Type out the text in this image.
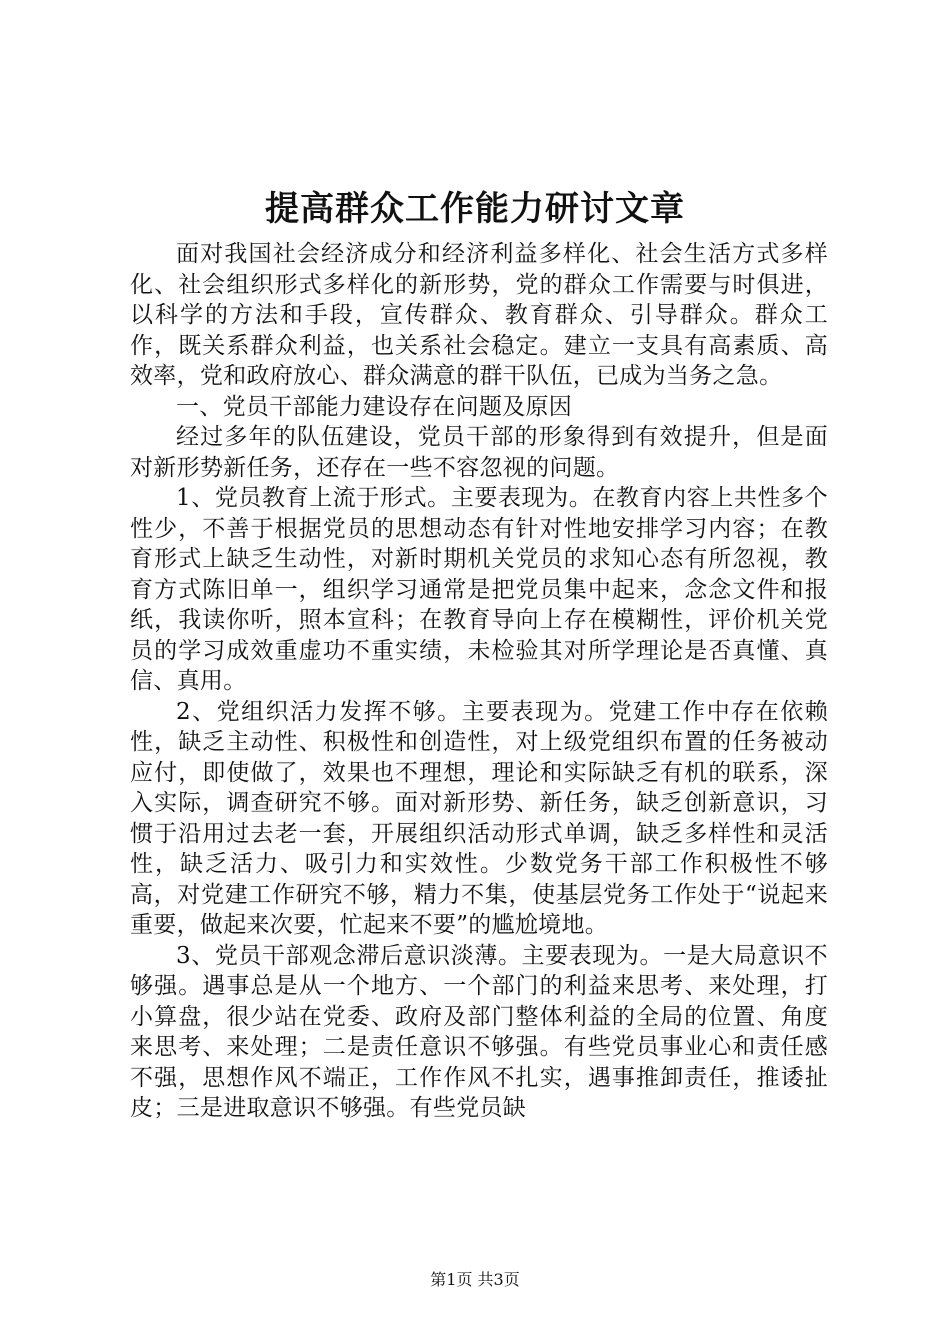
提高群众工作能力研讨文章

面对我国社会经济成分和经济利益多样化、社会生活方式多样化、社会组织形式多样化的新形势，党的群众工作需要与时俱进，以科学的方法和手段，宣传群众、教育群众、引导群众。群众工作，既关系群众利益，也关系社会稳定。建立一支具有高素质、高效率，党和政府放心、群众满意的群干队伍，已成为当务之急。

一、党员干部能力建设存在问题及原因

经过多年的队伍建设，党员干部的形象得到有效提升，但是面对新形势新任务，还存在一些不容忽视的问题。

1、党员教育上流于形式。主要表现为。在教育内容上共性多个性少，不善于根据党员的思想动态有针对性地安排学习内容；在教育形式上缺乏生动性，对新时期机关党员的求知心态有所忽视，教育方式陈旧单一，组织学习通常是把党员集中起来，念念文件和报纸，我读你听，照本宣科；在教育导向上存在模糊性，评价机关党员的学习成效重虚功不重实绩，未检验其对所学理论是否真懂、真信、真用。

2、党组织活力发挥不够。主要表现为。党建工作中存在依赖性，缺乏主动性、积极性和创造性，对上级党组织布置的任务被动应付，即使做了，效果也不理想，理论和实际缺乏有机的联系，深入实际，调查研究不够。面对新形势、新任务，缺乏创新意识，习惯于沿用过去老一套，开展组织活动形式单调，缺乏多样性和灵活性，缺乏活力、吸引力和实效性。少数党务干部工作积极性不够高，对党建工作研究不够，精力不集，使基层党务工作处于“说起来重要，做起来次要，忙起来不要”的尴尬境地。

3、党员干部观念滞后意识淡薄。主要表现为。一是大局意识不够强。遇事总是从一个地方、一个部门的利益来思考、来处理，打小算盘，很少站在党委、政府及部门整体利益的全局的位置、角度来思考、来处理；二是责任意识不够强。有些党员事业心和责任感不强，思想作风不端正，工作作风不扎实，遇事推卸责任，推诿扯皮；三是进取意识不够强。有些党员缺

第1页 共3页
